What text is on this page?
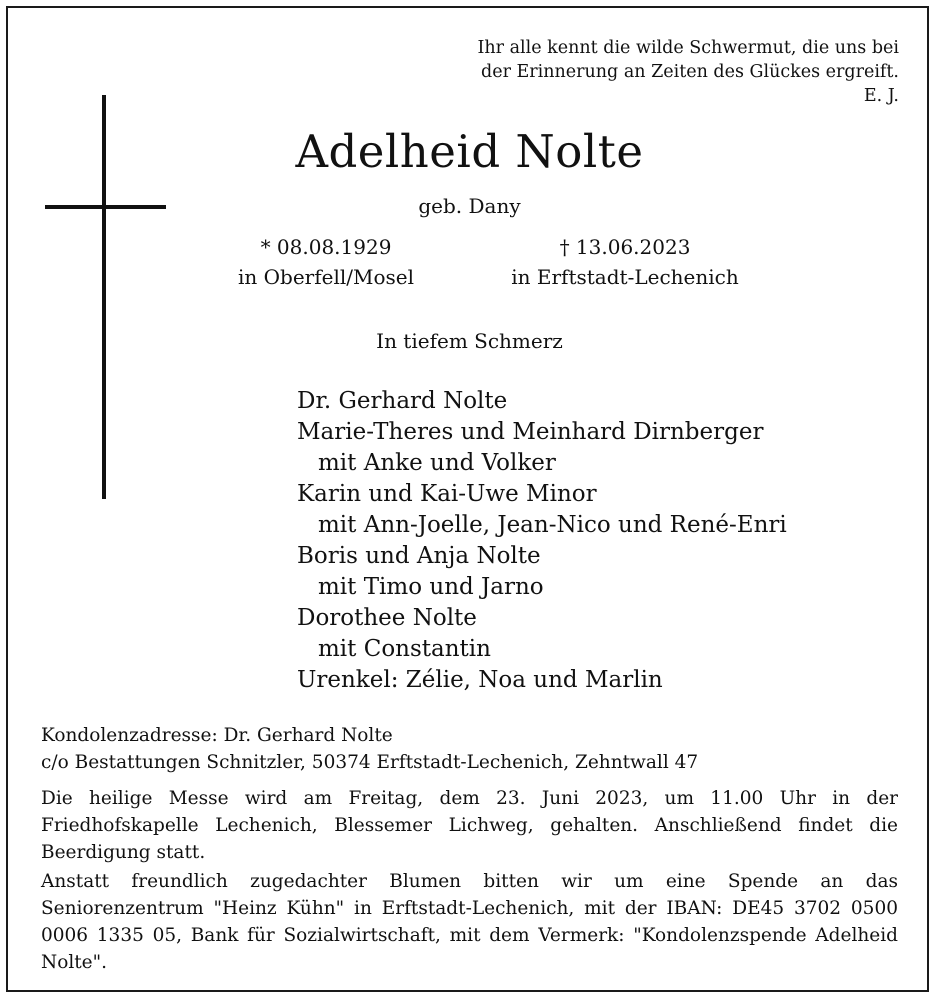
Ihr alle kennt die wilde Schwermut, die uns bei
der Erinnerung an Zeiten des Glückes ergreift.
E. J.
Adelheid Nolte
geb. Dany
* 08.08.1929
in Oberfell/Mosel
† 13.06.2023
in Erftstadt-Lechenich
In tiefem Schmerz
Dr. Gerhard Nolte
Marie-Theres und Meinhard Dirnberger
mit Anke und Volker
Karin und Kai-Uwe Minor
mit Ann-Joelle, Jean-Nico und René-Enri
Boris und Anja Nolte
mit Timo und Jarno
Dorothee Nolte
mit Constantin
Urenkel: Zélie, Noa und Marlin
Kondolenzadresse: Dr. Gerhard Nolte
c/o Bestattungen Schnitzler, 50374 Erftstadt-Lechenich, Zehntwall 47
Die heilige Messe wird am Freitag, dem 23. Juni 2023, um 11.00 Uhr in der Friedhofskapelle Lechenich, Blessemer Lichweg, gehalten. Anschließend findet die Beerdigung statt.
Anstatt freundlich zugedachter Blumen bitten wir um eine Spende an das Seniorenzentrum "Heinz Kühn" in Erftstadt-Lechenich, mit der IBAN: DE45 3702 0500 0006 1335 05, Bank für Sozialwirtschaft, mit dem Vermerk: "Kondolenzspende Adelheid Nolte".
